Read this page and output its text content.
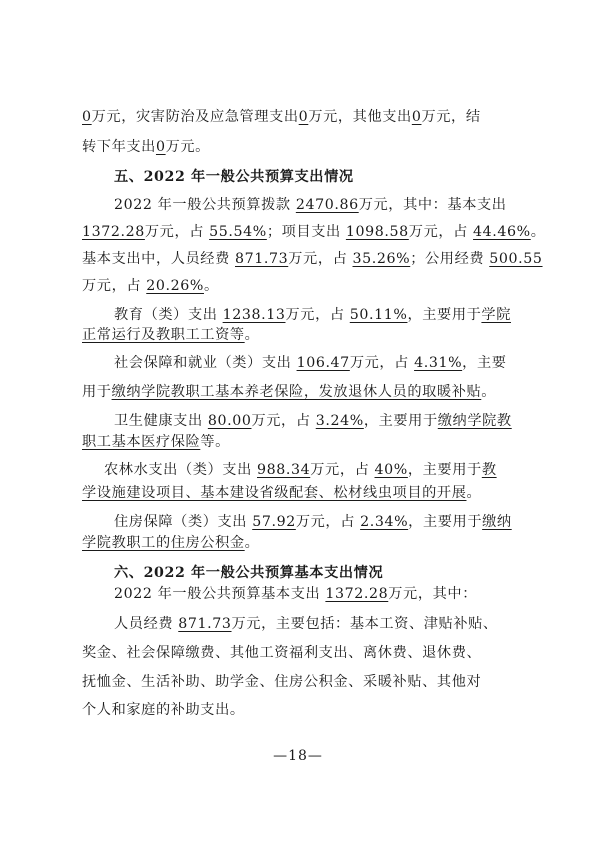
0万元，灾害防治及应急管理支出0万元，其他支出0万元，结
转下年支出0万元。
五、2022 年一般公共预算支出情况
2022 年一般公共预算拨款 2470.86万元，其中：基本支出
1372.28万元，占 55.54%；项目支出 1098.58万元，占 44.46%。
基本支出中，人员经费 871.73万元，占 35.26%；公用经费 500.55
万元，占 20.26%。
教育（类）支出 1238.13万元，占 50.11%，主要用于学院
正常运行及教职工工资等。
社会保障和就业（类）支出 106.47万元，占 4.31%，主要
用于缴纳学院教职工基本养老保险，发放退休人员的取暖补贴。
卫生健康支出 80.00万元，占 3.24%，主要用于缴纳学院教
职工基本医疗保险等。
农林水支出（类）支出 988.34万元，占 40%，主要用于教
学设施建设项目、基本建设省级配套、松材线虫项目的开展。
住房保障（类）支出 57.92万元，占 2.34%，主要用于缴纳
学院教职工的住房公积金。
六、2022 年一般公共预算基本支出情况
2022 年一般公共预算基本支出 1372.28万元，其中：
人员经费 871.73万元，主要包括：基本工资、津贴补贴、
奖金、社会保障缴费、其他工资福利支出、离休费、退休费、
抚恤金、生活补助、助学金、住房公积金、采暖补贴、其他对
个人和家庭的补助支出。
—18—
